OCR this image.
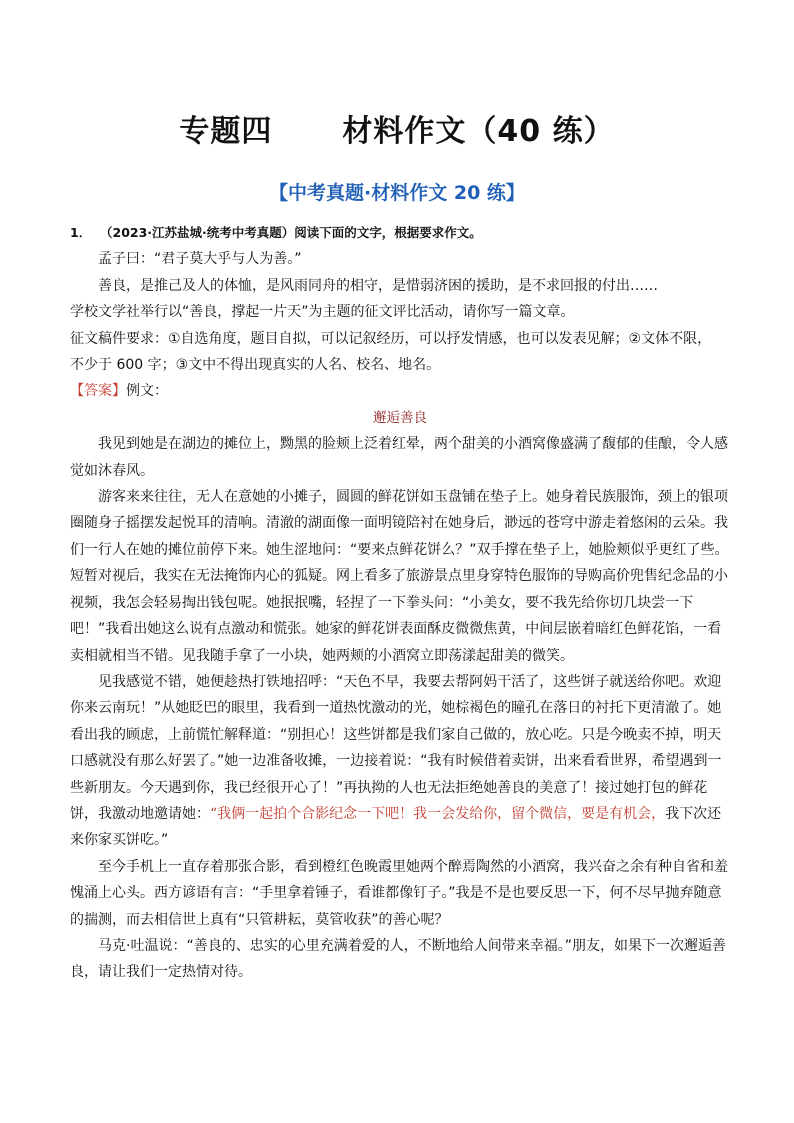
专题四 材料作文（40 练）
【中考真题·材料作文 20 练】

1． （2023·江苏盐城·统考中考真题）阅读下面的文字，根据要求作文。

孟子曰：“君子莫大乎与人为善。”

善良，是推己及人的体恤，是风雨同舟的相守，是惜弱济困的援助，是不求回报的付出……

学校文学社举行以“善良，撑起一片天”为主题的征文评比活动，请你写一篇文章。

征文稿件要求：①自选角度，题目自拟，可以记叙经历，可以抒发情感，也可以发表见解；②文体不限，

不少于 600 字；③文中不得出现真实的人名、校名、地名。

【答案】例文：

邂逅善良

我见到她是在湖边的摊位上，黝黑的脸颊上泛着红晕，两个甜美的小酒窝像盛满了馥郁的佳酿，令人感觉如沐春风。

游客来来往往，无人在意她的小摊子，圆圆的鲜花饼如玉盘铺在垫子上。她身着民族服饰，颈上的银项圈随身子摇摆发起悦耳的清响。清澈的湖面像一面明镜陪衬在她身后，渺远的苍穹中游走着悠闲的云朵。我们一行人在她的摊位前停下来。她生涩地问：“要来点鲜花饼么？”双手撑在垫子上，她脸颊似乎更红了些。短暂对视后，我实在无法掩饰内心的狐疑。网上看多了旅游景点里身穿特色服饰的导购高价兜售纪念品的小视频，我怎会轻易掏出钱包呢。她抿抿嘴，轻捏了一下拳头问：“小美女，要不我先给你切几块尝一下吧！”我看出她这么说有点激动和慌张。她家的鲜花饼表面酥皮微微焦黄，中间层嵌着暗红色鲜花馅，一看卖相就相当不错。见我随手拿了一小块，她两颊的小酒窝立即荡漾起甜美的微笑。

见我感觉不错，她便趁热打铁地招呼：“天色不早，我要去帮阿妈干活了，这些饼子就送给你吧。欢迎你来云南玩！”从她眨巴的眼里，我看到一道热忱激动的光，她棕褐色的瞳孔在落日的衬托下更清澈了。她看出我的顾虑，上前慌忙解释道：“别担心！这些饼都是我们家自己做的，放心吃。只是今晚卖不掉，明天口感就没有那么好罢了。”她一边准备收摊，一边接着说：“我有时候借着卖饼，出来看看世界，希望遇到一些新朋友。今天遇到你，我已经很开心了！”再执拗的人也无法拒绝她善良的美意了！接过她打包的鲜花饼，我激动地邀请她：“我俩一起拍个合影纪念一下吧！我一会发给你，留个微信，要是有机会，我下次还来你家买饼吃。”

至今手机上一直存着那张合影，看到橙红色晚霞里她两个醉焉陶然的小酒窝，我兴奋之余有种自省和羞愧涌上心头。西方谚语有言：“手里拿着锤子，看谁都像钉子。”我是不是也要反思一下，何不尽早抛弃随意的揣测，而去相信世上真有“只管耕耘，莫管收获”的善心呢？

马克·吐温说：“善良的、忠实的心里充满着爱的人，不断地给人间带来幸福。”朋友，如果下一次邂逅善良，请让我们一定热情对待。
